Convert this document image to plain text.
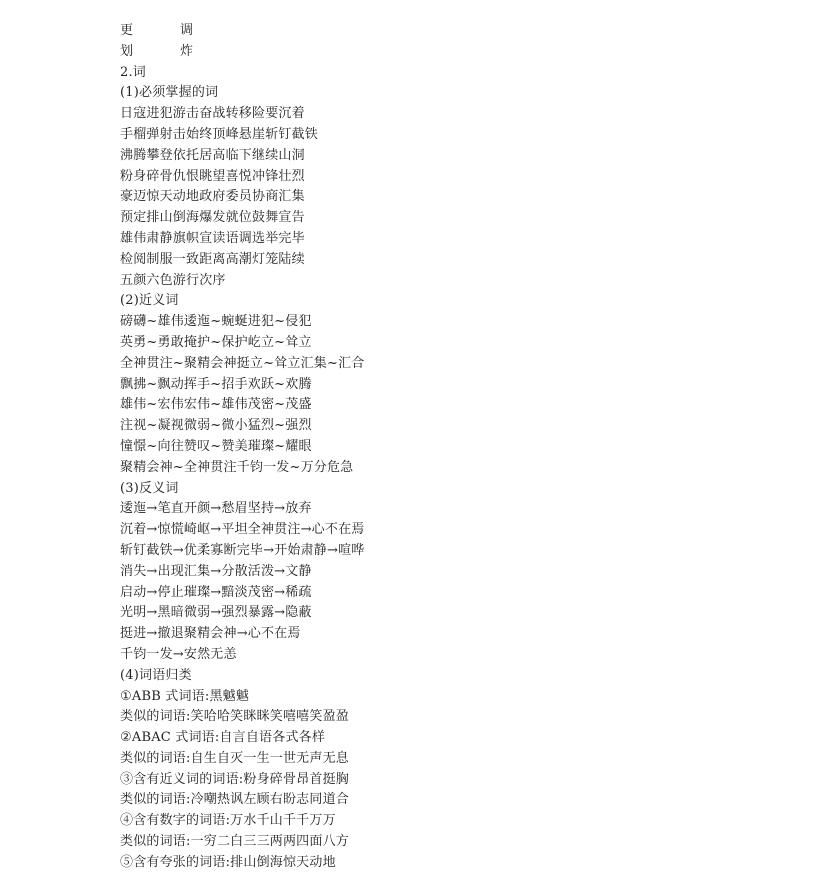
更	调
划	炸
2.词
(1)必须掌握的词
日寇进犯游击奋战转移险要沉着
手榴弹射击始终顶峰悬崖斩钉截铁
沸腾攀登依托居高临下继续山洞
粉身碎骨仇恨眺望喜悦冲锋壮烈
豪迈惊天动地政府委员协商汇集
预定排山倒海爆发就位鼓舞宣告
雄伟肃静旗帜宣读语调选举完毕
检阅制服一致距离高潮灯笼陆续
五颜六色游行次序
(2)近义词
磅礴~雄伟逶迤~蜿蜒进犯~侵犯
英勇~勇敢掩护~保护屹立~耸立
全神贯注~聚精会神挺立~耸立汇集~汇合
飘拂~飘动挥手~招手欢跃~欢腾
雄伟~宏伟宏伟~雄伟茂密~茂盛
注视~凝视微弱~微小猛烈~强烈
憧憬~向往赞叹~赞美璀璨~耀眼
聚精会神~全神贯注千钧一发~万分危急
(3)反义词
逶迤→笔直开颜→愁眉坚持→放弃
沉着→惊慌崎岖→平坦全神贯注→心不在焉
斩钉截铁→优柔寡断完毕→开始肃静→喧哗
消失→出现汇集→分散活泼→文静
启动→停止璀璨→黯淡茂密→稀疏
光明→黑暗微弱→强烈暴露→隐蔽
挺进→撤退聚精会神→心不在焉
千钧一发→安然无恙
(4)词语归类
①ABB 式词语:黑魆魆
类似的词语:笑哈哈笑眯眯笑嘻嘻笑盈盈
②ABAC 式词语:自言自语各式各样
类似的词语:自生自灭一生一世无声无息
③含有近义词的词语:粉身碎骨昂首挺胸
类似的词语:冷嘲热讽左顾右盼志同道合
④含有数字的词语:万水千山千千万万
类似的词语:一穷二白三三两两四面八方
⑤含有夸张的词语:排山倒海惊天动地
